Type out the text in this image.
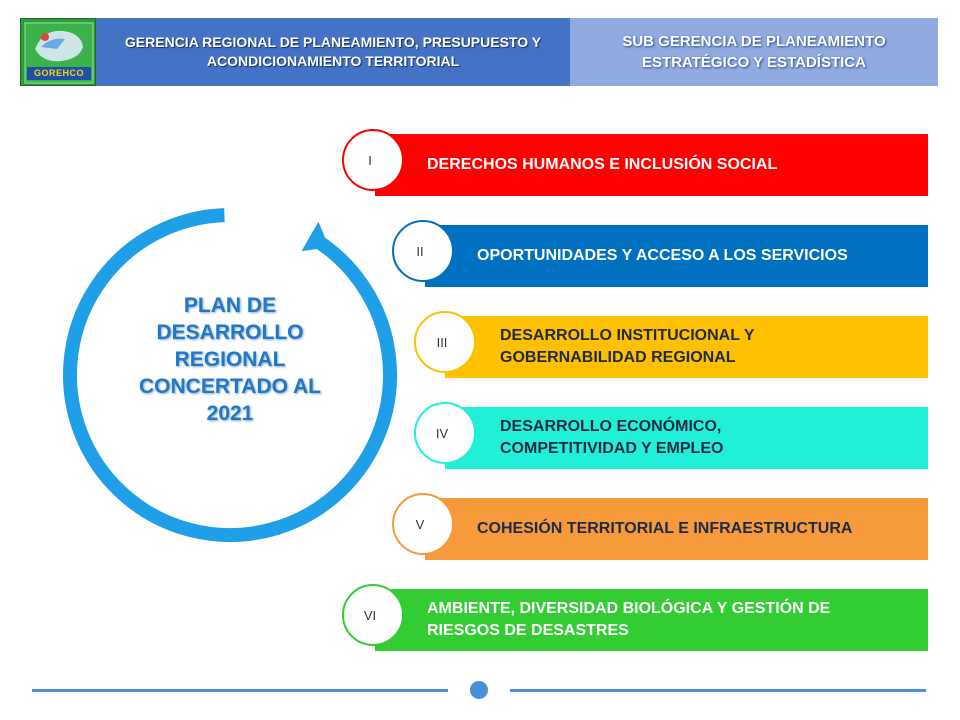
GOREHCO
GERENCIA REGIONAL DE PLANEAMIENTO, PRESUPUESTO Y ACONDICIONAMIENTO TERRITORIAL
SUB GERENCIA DE PLANEAMIENTO ESTRATÉGICO Y ESTADÍSTICA
PLAN DE DESARROLLO REGIONAL CONCERTADO AL 2021
DERECHOS HUMANOS E INCLUSIÓN SOCIAL
I
OPORTUNIDADES Y ACCESO A LOS SERVICIOS
II
DESARROLLO INSTITUCIONAL Y GOBERNABILIDAD REGIONAL
III
DESARROLLO ECONÓMICO, COMPETITIVIDAD Y EMPLEO
IV
COHESIÓN TERRITORIAL E INFRAESTRUCTURA
V
AMBIENTE, DIVERSIDAD BIOLÓGICA Y GESTIÓN DE RIESGOS DE DESASTRES
VI
